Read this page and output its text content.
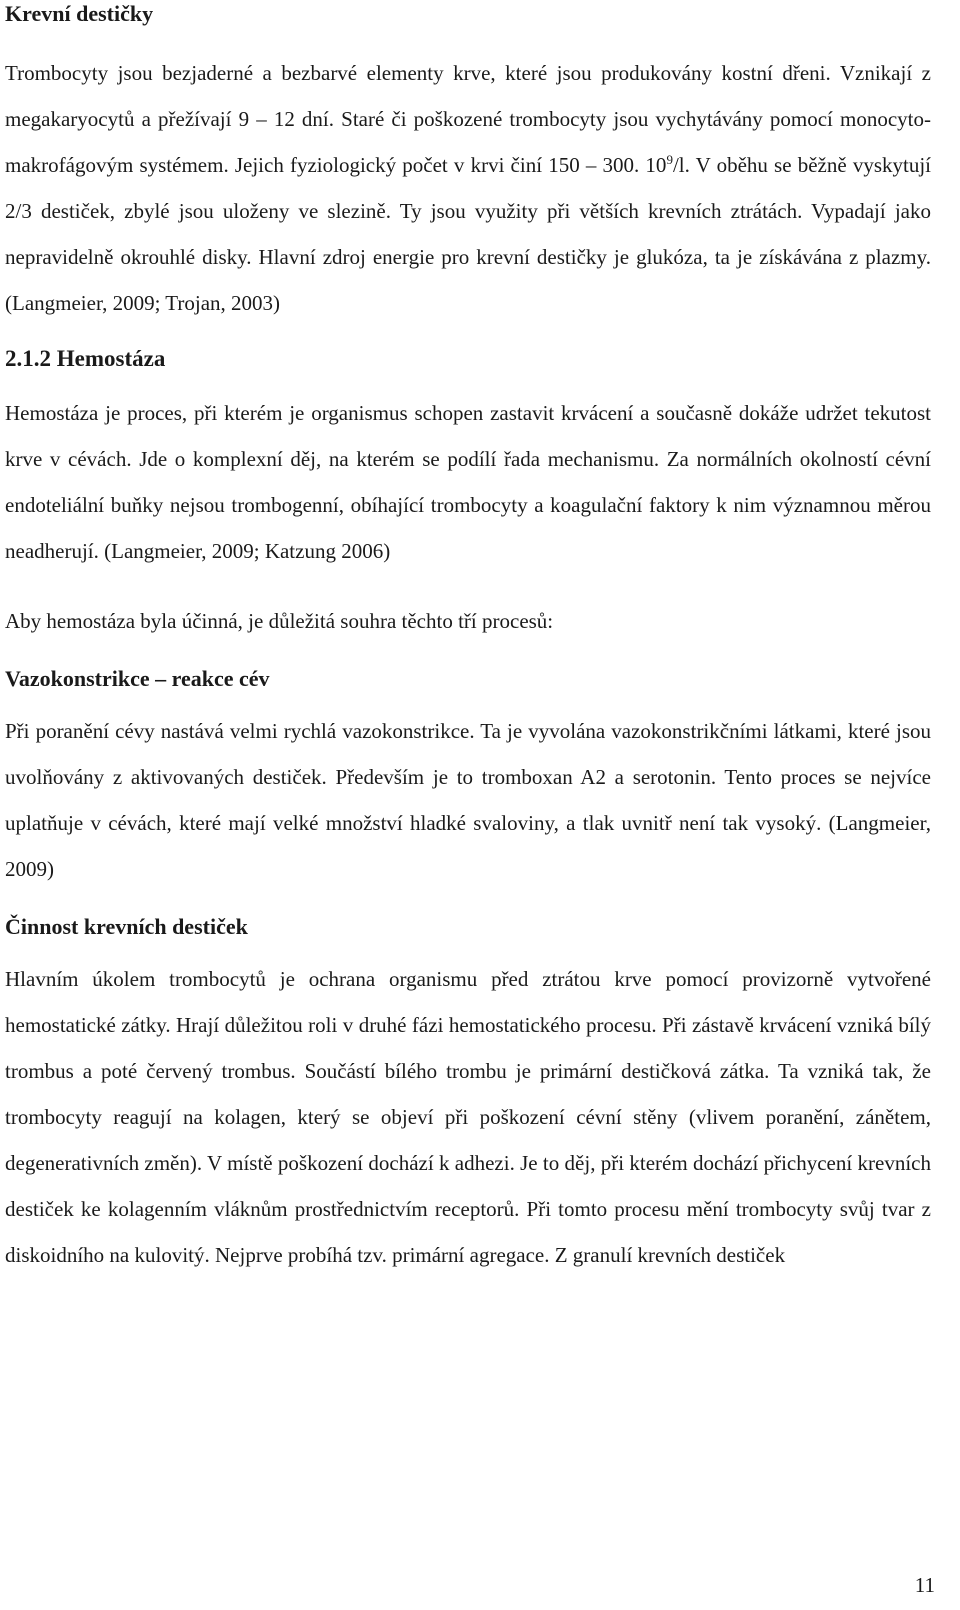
Krevní destičky

Trombocyty jsou bezjaderné a bezbarvé elementy krve, které jsou produkovány kostní dřeni. Vznikají z megakaryocytů a přežívají 9 – 12 dní. Staré či poškozené trombocyty jsou vychytávány pomocí monocyto-makrofágovým systémem. Jejich fyziologický počet v krvi činí 150 – 300. $10^9/l$. V oběhu se běžně vyskytují 2/3 destiček, zbylé jsou uloženy ve slezině. Ty jsou využity při větších krevních ztrátách. Vypadají jako nepravidelně okrouhlé disky. Hlavní zdroj energie pro krevní destičky je glukóza, ta je získávána z plazmy. (Langmeier, 2009; Trojan, 2003)

2.1.2 Hemostáza

Hemostáza je proces, při kterém je organismus schopen zastavit krvácení a současně dokáže udržet tekutost krve v cévách. Jde o komplexní děj, na kterém se podílí řada mechanismu. Za normálních okolností cévní endoteliální buňky nejsou trombogenní, obíhající trombocyty a koagulační faktory k nim významnou měrou neadherují. (Langmeier, 2009; Katzung 2006)

Aby hemostáza byla účinná, je důležitá souhra těchto tří procesů:

Vazokonstrikce – reakce cév

Při poranění cévy nastává velmi rychlá vazokonstrikce. Ta je vyvolána vazokonstrikčními látkami, které jsou uvolňovány z aktivovaných destiček. Především je to tromboxan A2 a serotonin. Tento proces se nejvíce uplatňuje v cévách, které mají velké množství hladké svaloviny, a tlak uvnitř není tak vysoký. (Langmeier, 2009)

Činnost krevních destiček

Hlavním úkolem trombocytů je ochrana organismu před ztrátou krve pomocí provizorně vytvořené hemostatické zátky. Hrají důležitou roli v druhé fázi hemostatického procesu. Při zástavě krvácení vzniká bílý trombus a poté červený trombus. Součástí bílého trombu je primární destičková zátka. Ta vzniká tak, že trombocyty reagují na kolagen, který se objeví při poškození cévní stěny (vlivem poranění, zánětem, degenerativních změn). V místě poškození dochází k adhezi. Je to děj, při kterém dochází přichycení krevních destiček ke kolagenním vláknům prostřednictvím receptorů. Při tomto procesu mění trombocyty svůj tvar z diskoidního na kulovitý. Nejprve probíhá tzv. primární agregace. Z granulí krevních destiček

11
